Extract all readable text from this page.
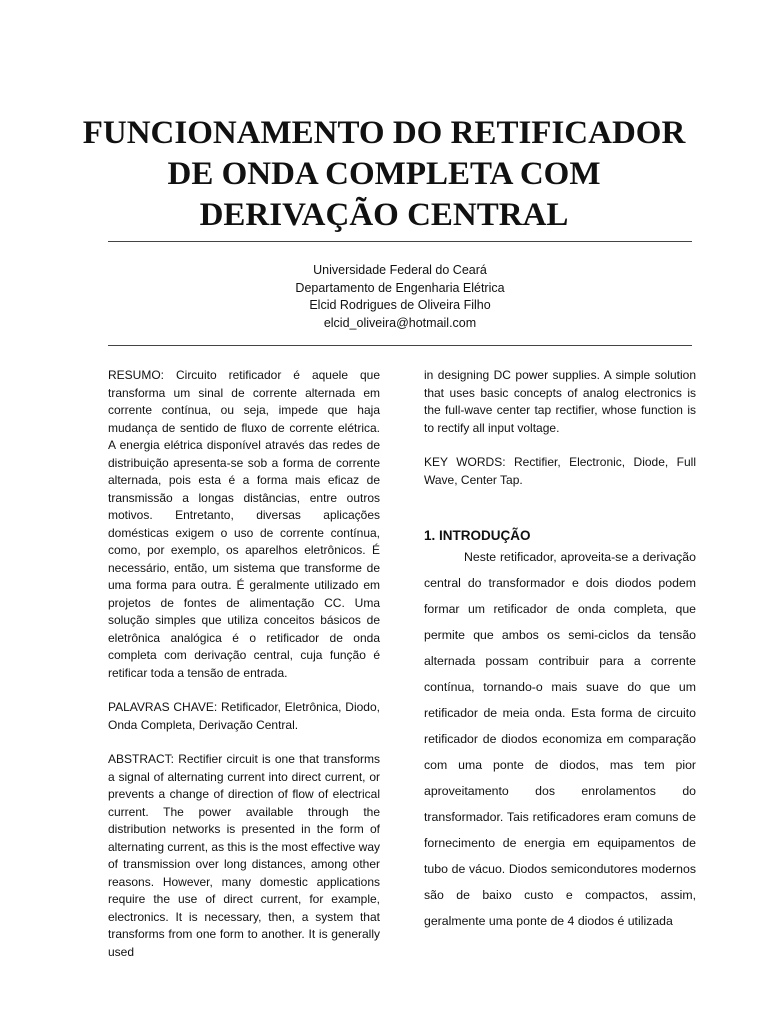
FUNCIONAMENTO DO RETIFICADOR
DE ONDA COMPLETA COM
DERIVAÇÃO CENTRAL
Universidade Federal do Ceará
Departamento de Engenharia Elétrica
Elcid Rodrigues de Oliveira Filho
elcid_oliveira@hotmail.com

RESUMO: Circuito retificador é aquele que transforma um sinal de corrente alternada em corrente contínua, ou seja, impede que haja mudança de sentido de fluxo de corrente elétrica. A energia elétrica disponível através das redes de distribuição apresenta-se sob a forma de corrente alternada, pois esta é a forma mais eficaz de transmissão a longas distâncias, entre outros motivos. Entretanto, diversas aplicações domésticas exigem o uso de corrente contínua, como, por exemplo, os aparelhos eletrônicos. É necessário, então, um sistema que transforme de uma forma para outra. É geralmente utilizado em projetos de fontes de alimentação CC. Uma solução simples que utiliza conceitos básicos de eletrônica analógica é o retificador de onda completa com derivação central, cuja função é retificar toda a tensão de entrada.

PALAVRAS CHAVE: Retificador, Eletrônica, Diodo, Onda Completa, Derivação Central.

ABSTRACT: Rectifier circuit is one that transforms a signal of alternating current into direct current, or prevents a change of direction of flow of electrical current. The power available through the distribution networks is presented in the form of alternating current, as this is the most effective way of transmission over long distances, among other reasons. However, many domestic applications require the use of direct current, for example, electronics. It is necessary, then, a system that transforms from one form to another. It is generally used

in designing DC power supplies. A simple solution that uses basic concepts of analog electronics is the full-wave center tap rectifier, whose function is to rectify all input voltage.

KEY WORDS: Rectifier, Electronic, Diode, Full Wave, Center Tap.

1. INTRODUÇÃO

Neste retificador, aproveita-se a derivação central do transformador e dois diodos podem formar um retificador de onda completa, que permite que ambos os semi-ciclos da tensão alternada possam contribuir para a corrente contínua, tornando-o mais suave do que um retificador de meia onda. Esta forma de circuito retificador de diodos economiza em comparação com uma ponte de diodos, mas tem pior aproveitamento dos enrolamentos do transformador. Tais retificadores eram comuns de fornecimento de energia em equipamentos de tubo de vácuo. Diodos semicondutores modernos são de baixo custo e compactos, assim, geralmente uma ponte de 4 diodos é utilizada
